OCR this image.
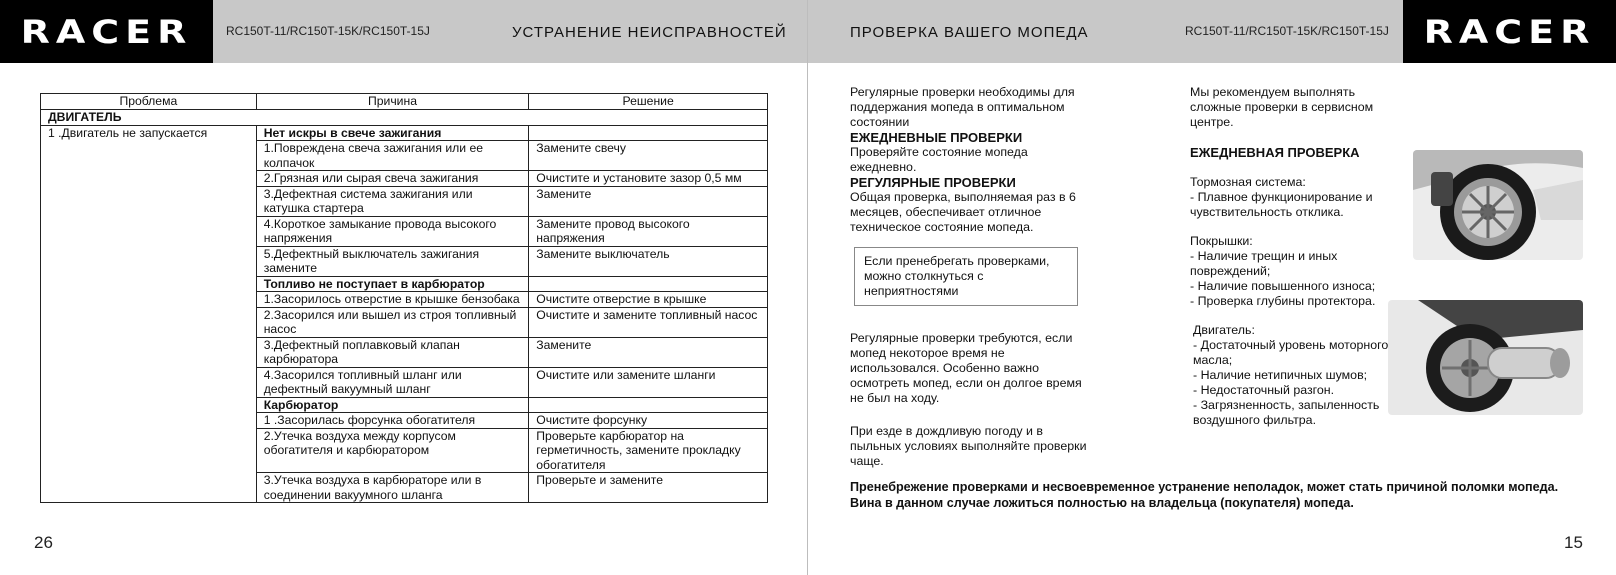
RACER	RC150T-11/RC150T-15K/RC150T-15J	УСТРАНЕНИЕ НЕИСПРАВНОСТЕЙ
Проблема	Причина	Решение
ДВИГАТЕЛЬ		
1 .Двигатель не запускается	Нет искры в свече зажигания	
	1.Повреждена свеча зажигания или ее колпачок	Замените свечу
	2.Грязная или сырая свеча зажигания	Очистите и установите зазор 0,5 мм
	3.Дефектная система зажигания или катушка стартера	Замените
	4.Короткое замыкание провода высокого напряжения	Замените провод высокого напряжения
	5.Дефектный выключатель зажигания замените	Замените выключатель
	Топливо не поступает в карбюратор	
	1.Засорилось отверстие в крышке бензобака	Очистите отверстие в крышке
	2.Засорился или вышел из строя топливный насос	Очистите и замените топливный насос
	3.Дефектный поплавковый клапан карбюратора	Замените
	4.Засорился топливный шланг или дефектный вакуумный шланг	Очистите или замените шланги
	Карбюратор	
	1 .Засорилась форсунка обогатителя	Очистите форсунку
	2.Утечка воздуха между корпусом обогатителя и карбюратором	Проверьте карбюратор на герметичность, замените прокладку обогатителя
	3.Утечка воздуха в карбюраторе или в соединении вакуумного шланга	Проверьте и замените
26
ПРОВЕРКА ВАШЕГО МОПЕДА	RC150T-11/RC150T-15K/RC150T-15J RACER

Регулярные проверки необходимы для поддержания мопеда в оптимальном состоянии

ЕЖЕДНЕВНЫЕ ПРОВЕРКИ

Проверяйте состояние мопеда ежедневно.

РЕГУЛЯРНЫЕ ПРОВЕРКИ

Общая проверка, выполняемая раз в 6 месяцев, обеспечивает отличное техническое состояние мопеда.

Если пренебрегать проверками, можно столкнуться с неприятностями

Регулярные проверки требуются, если мопед некоторое время не использовался. Особенно важно осмотреть мопед, если он долгое время не был на ходу.

При езде в дождливую погоду и в пыльных условиях выполняйте проверки чаще.

Мы рекомендуем выполнять сложные проверки в сервисном центре.

ЕЖЕДНЕВНАЯ ПРОВЕРКА
Тормозная система:
- Плавное функционирование и чувствительность отклика.
Покрышки:
- Наличие трещин и иных повреждений;
- Наличие повышенного износа;
- Проверка глубины протектора.
Двигатель:
- Достаточный уровень моторного масла;
- Наличие нетипичных шумов;
- Недостаточный разгон.
- Загрязненность, запыленность воздушного фильтра.
Пренебрежение проверками и несвоевременное устранение неполадок, может стать причиной поломки мопеда.
Вина в данном случае ложиться полностью на владельца (покупателя) мопеда.
15
